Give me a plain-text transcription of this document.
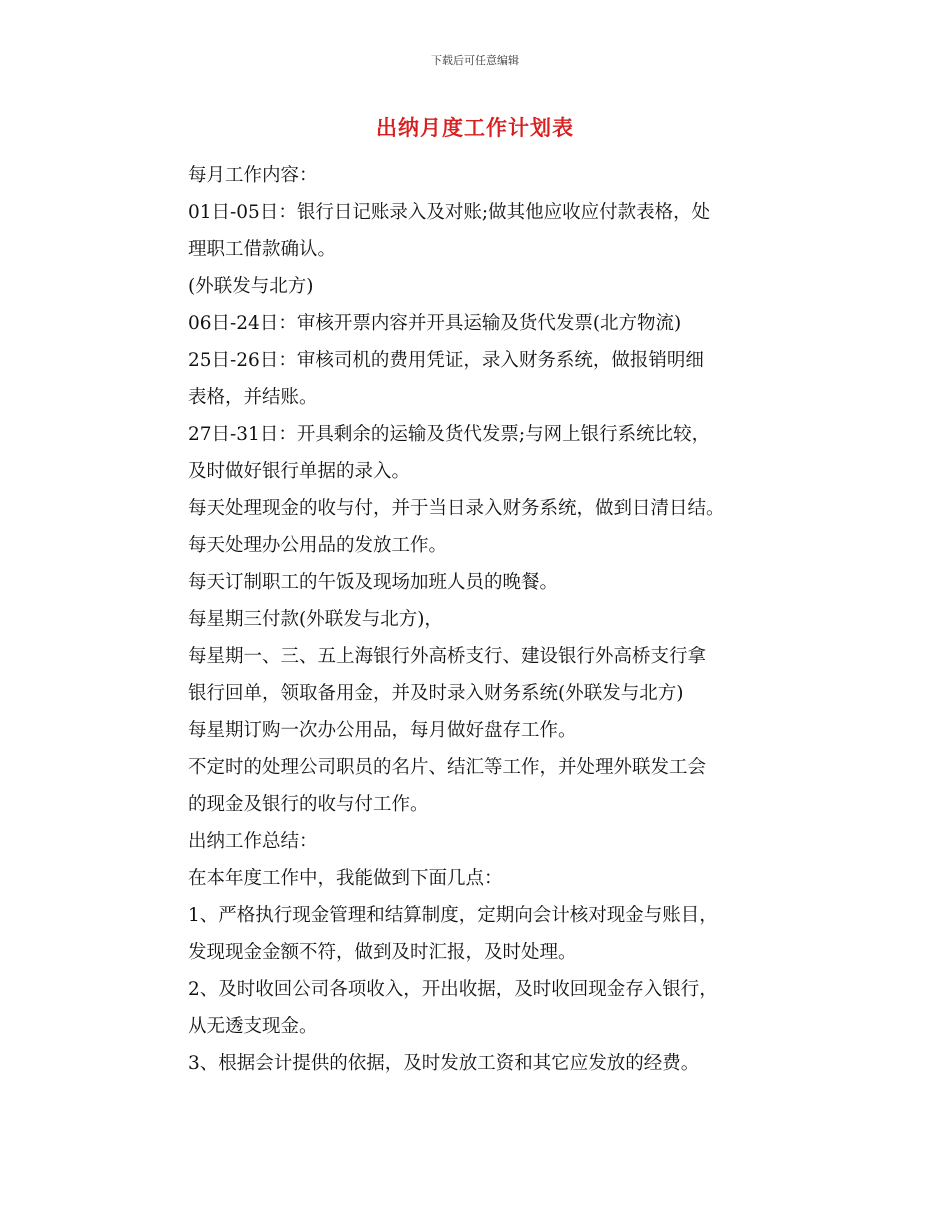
下载后可任意编辑
出纳月度工作计划表

每月工作内容：

01日-05日：银行日记账录入及对账;做其他应收应付款表格，处
理职工借款确认。

(外联发与北方)

06日-24日：审核开票内容并开具运输及货代发票(北方物流)

25日-26日：审核司机的费用凭证，录入财务系统，做报销明细
表格，并结账。

27日-31日：开具剩余的运输及货代发票;与网上银行系统比较，
及时做好银行单据的录入。

每天处理现金的收与付，并于当日录入财务系统，做到日清日结。

每天处理办公用品的发放工作。

每天订制职工的午饭及现场加班人员的晚餐。

每星期三付款(外联发与北方)，

每星期一、三、五上海银行外高桥支行、建设银行外高桥支行拿
银行回单，领取备用金，并及时录入财务系统(外联发与北方)

每星期订购一次办公用品，每月做好盘存工作。

不定时的处理公司职员的名片、结汇等工作，并处理外联发工会
的现金及银行的收与付工作。

出纳工作总结：

在本年度工作中，我能做到下面几点：

1、严格执行现金管理和结算制度，定期向会计核对现金与账目，
发现现金金额不符，做到及时汇报，及时处理。

2、及时收回公司各项收入，开出收据，及时收回现金存入银行，
从无透支现金。

3、根据会计提供的依据，及时发放工资和其它应发放的经费。
